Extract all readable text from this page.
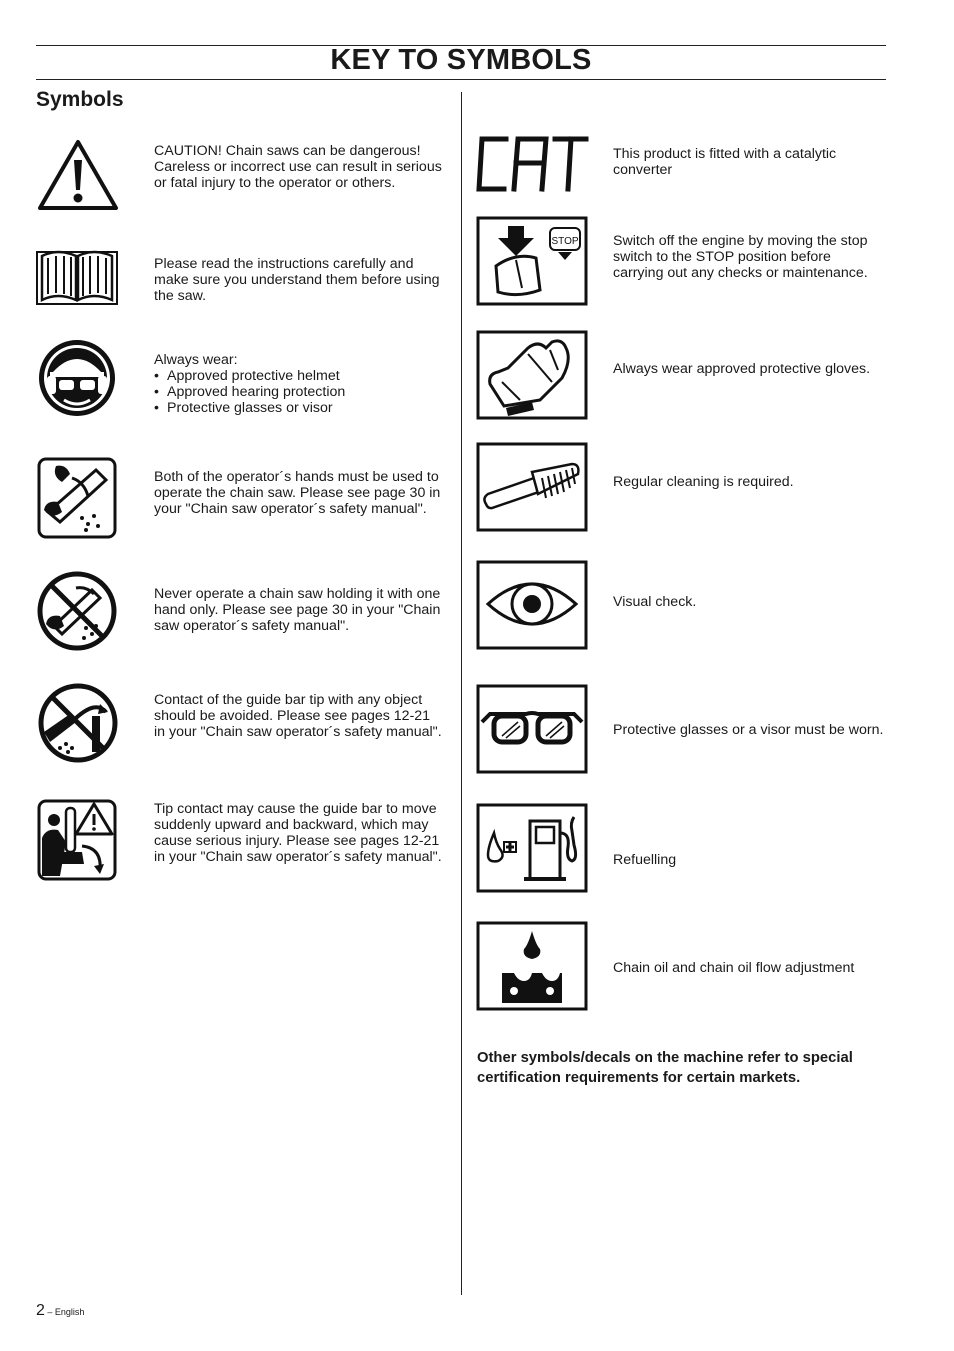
KEY TO SYMBOLS
Symbols
CAUTION! Chain saws can be dangerous! Careless or incorrect use can result in serious or fatal injury to the operator or others.
Please read the instructions carefully and make sure you understand them before using the saw.

Always wear:

• Approved protective helmet
• Approved hearing protection
• Protective glasses or visor
Both of the operator´s hands must be used to operate the chain saw. Please see page 30 in your "Chain saw operator´s safety manual".
Never operate a chain saw holding it with one hand only. Please see page 30 in your "Chain saw operator´s safety manual".
Contact of the guide bar tip with any object should be avoided. Please see pages 12-21 in your "Chain saw operator´s safety manual".
Tip contact may cause the guide bar to move suddenly upward and backward, which may cause serious injury. Please see pages 12-21 in your "Chain saw operator´s safety manual".
This product is fitted with a catalytic converter
STOP Switch off the engine by moving the stop switch to the STOP position before carrying out any checks or maintenance.
Always wear approved protective gloves.
Regular cleaning is required.
Visual check.
Protective glasses or a visor must be worn.
Refuelling
Chain oil and chain oil flow adjustment
Other symbols/decals on the machine refer to special certification requirements for certain markets.
2 – English
